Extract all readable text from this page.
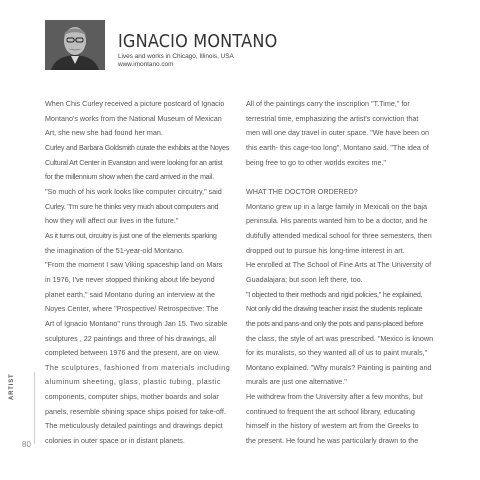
IGNACIO MONTANO
Lives and works in Chicago, Illinois, USA
www.imontano.com

When Chis Curley received a picture postcard of Ignacio

Montano's works from the National Museum of Mexican

Art, she new she had found her man.

Curley and Barbara Goldsmith curate the exhibits at the Noyes

Cultural Art Center in Evanston and were looking for an artist

for the millennium show when the card arrived in the mail.

"So much of his work looks like computer circuitry," said

Curley. "I'm sure he thinks very much about computers and

how they will affect our lives in the future."

As it turns out, circuitry is just one of the elements sparking

the imagination of the 51-year-old Montano.

"From the moment I saw Viking spaceship land on Mars

in 1976, I've never stopped thinking about life beyond

planet earth," said Montano during an interview at the

Noyes Center, where "Prospective/ Retrospective: The

Art of Ignacio Montano" runs through Jan 15. Two sizable

sculptures , 22 paintings and three of his drawings, all

completed between 1976 and the present, are on view.

The sculptures, fashioned from materials including

aluminum sheeting, glass, plastic tubing, plastic

components, computer ships, mother boards and solar

panels, resemble shining space ships poised for take-off.

The meticulously detailed paintings and drawings depict

colonies in outer space or in distant planets.

All of the paintings carry the inscription "T.Time," for

terrestrial time, emphasizing the artist's conviction that

men will one day travel in outer space. "We have been on

this earth- this cage-too long", Montano said. "The idea of

being free to go to other worlds excites me."

WHAT THE DOCTOR ORDERED?

Montano grew up in a large family in Mexicali on the baja

peninsula. His parents wanted him to be a doctor, and he

dutifully attended medical school for three semesters, then

dropped out to pursue his long-time interest in art.

He enrolled at The School of Fine Arts at The University of

Guadalajara; but soon left there, too.

"I objected to their methods and rigid policies," he explained.

Not only did the drawing teacher insist the students replicate

the pots and pans-and only the pots and pans-placed before

the class, the style of art was prescribed. "Mexico is known

for its muralists, so they wanted all of us to paint murals,"

Montano explained. "Why murals? Painting is painting and

murals are just one alternative."

He withdrew from the University after a few months, but

continued to frequent the art school library, educating

himself in the history of western art from the Greeks to

the present. He found he was particularly drawn to the

ARTIST
80
